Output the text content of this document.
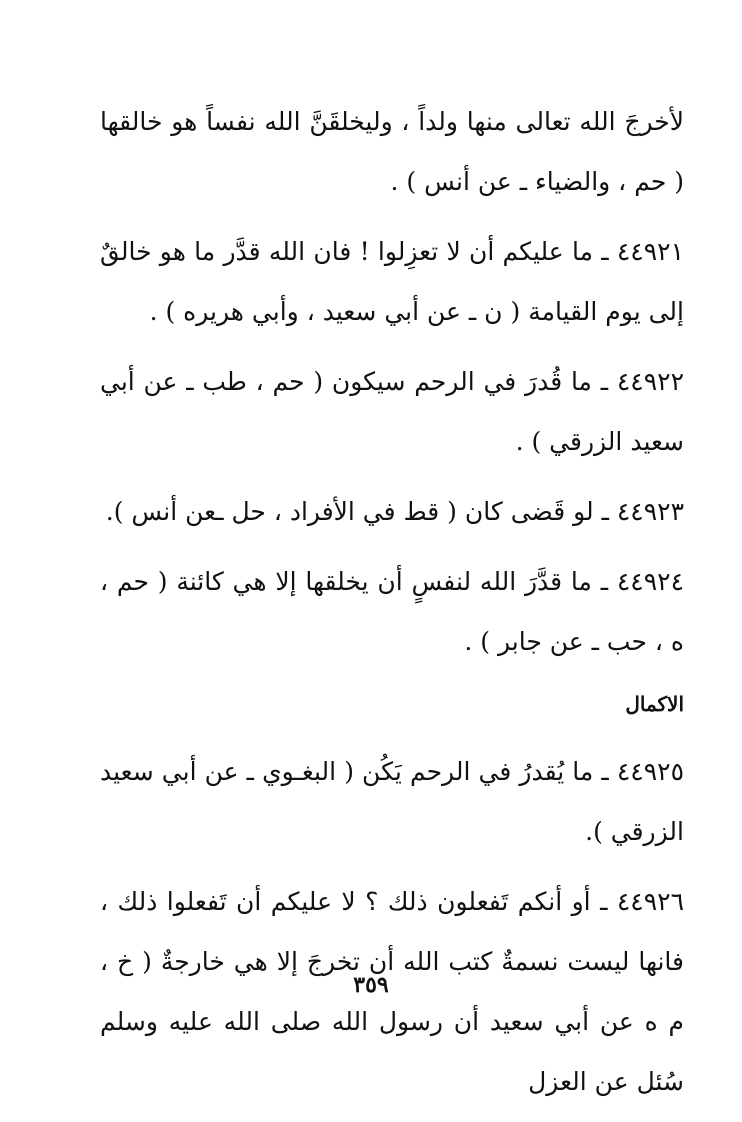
لأخرجَ الله تعالى منها ولداً ، وليخلقَنَّ الله نفساً هو خالقها ( حم ، والضياء ـ عن أنس ) .

٤٤٩٢١ ـ ما عليكم أن لا تعزِلوا ! فان الله قدَّر ما هو خالقٌ إلى يوم القيامة ( ن ـ عن أبي سعيد ، وأبي هريره ) .

٤٤٩٢٢ ـ ما قُدرَ في الرحم سيكون ( حم ، طب ـ عن أبي سعيد الزرقي ) .

٤٤٩٢٣ ـ لو قَضى كان ( قط في الأفراد ، حل ـعن أنس ).

٤٤٩٢٤ ـ ما قدَّرَ الله لنفسٍ أن يخلقها إلا هي كائنة ( حم ، ه ، حب ـ عن جابر ) .

الاكمال

٤٤٩٢٥ ـ ما يُقدرُ في الرحم يَكُن ( البغـوي ـ عن أبي سعيد الزرقي ).

٤٤٩٢٦ ـ أو أنكم تَفعلون ذلك ؟ لا عليكم أن تَفعلوا ذلك ، فانها ليست نسمةٌ كتب الله أن تخرجَ إلا هي خارجةٌ ( خ ، م ه عن أبي سعيد أن رسول الله صلى الله عليه وسلم سُئل عن العزل

٣٥٩
